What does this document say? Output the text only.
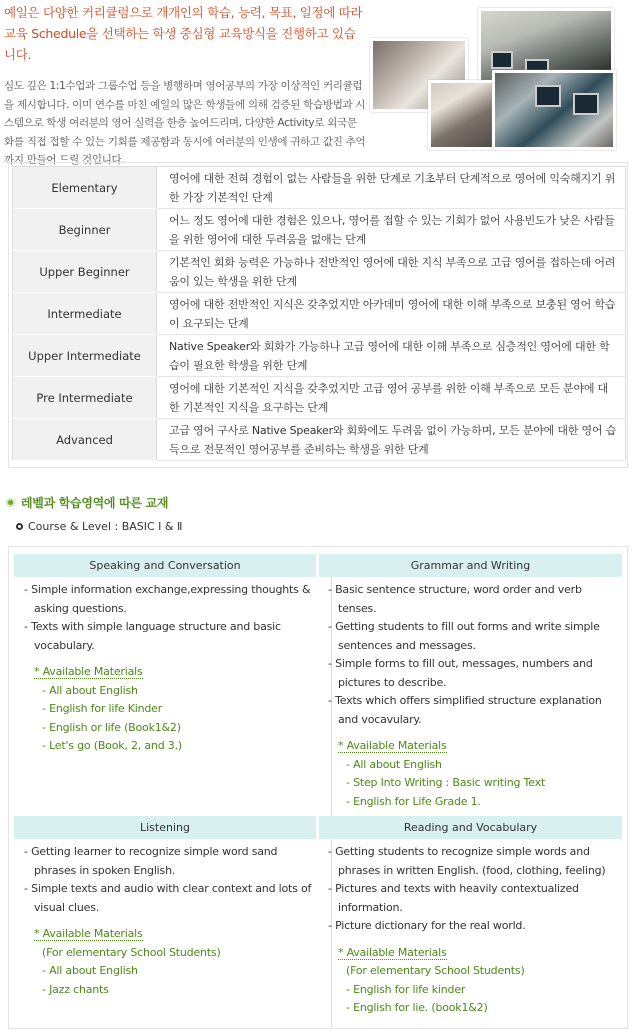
예일은 다양한 커리큘럼으로 개개인의 학습, 능력, 목표, 일정에 따라 교육 Schedule을 선택하는 학생 중심형 교육방식을 진행하고 있습니다.

심도 깊은 1:1수업과 그룹수업 등을 병행하며 영어공부의 가장 이상적인 커리큘럼을 제시합니다. 이미 연수를 마친 예일의 많은 학생들에 의해 검증된 학습방법과 시스템으로 학생 여러분의 영어 실력을 한층 높여드리며, 다양한 Activity로 외국문화를 직접 접할 수 있는 기회를 제공함과 동시에 여러분의 인생에 귀하고 값진 추억까지 만들어 드릴 것입니다.

Elementary	영어에 대한 전혀 경험이 없는 사람들을 위한 단계로 기초부터 단계적으로 영어에 익숙해지기 위한 가장 기본적인 단계
Beginner	어느 정도 영어에 대한 경험은 있으나, 영어를 접할 수 있는 기회가 없어 사용빈도가 낮은 사람들을 위한 영어에 대한 두려움을 없애는 단계
Upper Beginner	기본적인 회화 능력은 가능하나 전반적인 영어에 대한 지식 부족으로 고급 영어를 접하는데 어려움이 있는 학생을 위한 단계
Intermediate	영어에 대한 전반적인 지식은 갖추었지만 아카데미 영어에 대한 이해 부족으로 보충된 영어 학습이 요구되는 단계
Upper Intermediate	Native Speaker와 회화가 가능하나 고급 영어에 대한 이해 부족으로 심층적인 영어에 대한 학습이 필요한 학생을 위한 단계
Pre Intermediate	영어에 대한 기본적인 지식을 갖추었지만 고급 영어 공부를 위한 이해 부족으로 모든 분야에 대한 기본적인 지식을 요구하는 단계
Advanced	고급 영어 구사로 Native Speaker와 회화에도 두려움 없이 가능하며, 모든 분야에 대한 영어 습득으로 전문적인 영어공부를 준비하는 학생을 위한 단계
레벨과 학습영역에 따른 교재
Course & Level : BASIC Ⅰ & Ⅱ
Speaking and Conversation
- Simple information exchange,expressing thoughts & asking questions.
- Texts with simple language structure and basic vocabulary.
* Available Materials
- All about English
- English for life Kinder
- English or life (Book1&2)
- Let's go (Book, 2, and 3.)
Grammar and Writing
- Basic sentence structure, word order and verb tenses.
- Getting students to fill out forms and write simple sentences and messages.
- Simple forms to fill out, messages, numbers and pictures to describe.
- Texts which offers simplified structure explanation and vocavulary.
* Available Materials
- All about English
- Step Into Writing : Basic writing Text
- English for Life Grade 1.
Listening
- Getting learner to recognize simple word sand phrases in spoken English.
- Simple texts and audio with clear context and lots of visual clues.
* Available Materials
(For elementary School Students)
- All about English
- Jazz chants
Reading and Vocabulary
- Getting students to recognize simple words and phrases in written English. (food, clothing, feeling)
- Pictures and texts with heavily contextualized information.
- Picture dictionary for the real world.
* Available Materials
(For elementary School Students)
- English for life kinder
- English for lie. (book1&2)
